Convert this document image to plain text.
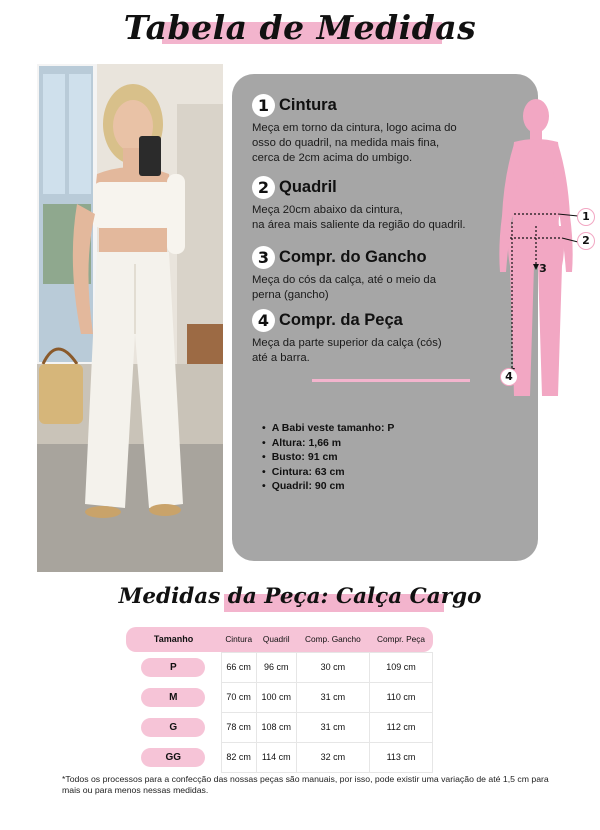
Tabela de Medidas
1 Cintura
Meça em torno da cintura, logo acima do
osso do quadril, na medida mais fina,
cerca de 2cm acima do umbigo.
2 Quadril
Meça 20cm abaixo da cintura,
na área mais saliente da região do quadril.
3 Compr. do Gancho
Meça do cós da calça, até o meio da
perna (gancho)
4 Compr. da Peça
Meça da parte superior da calça (cós)
até a barra.
• A Babi veste tamanho: P
• Altura: 1,66 m
• Busto: 91 cm
• Cintura: 63 cm
• Quadril: 90 cm
1
2
3
4
Medidas da Peça: Calça Cargo
Tamanho	Cintura	Quadril	Comp. Gancho	Compr. Peça
P	66 cm	96 cm	30 cm	109 cm
M	70 cm	100 cm	31 cm	110 cm
G	78 cm	108 cm	31 cm	112 cm
GG	82 cm	114 cm	32 cm	113 cm

*Todos os processos para a confecção das nossas peças são manuais, por isso, pode existir uma variação de até 1,5 cm para mais ou para menos nessas medidas.
